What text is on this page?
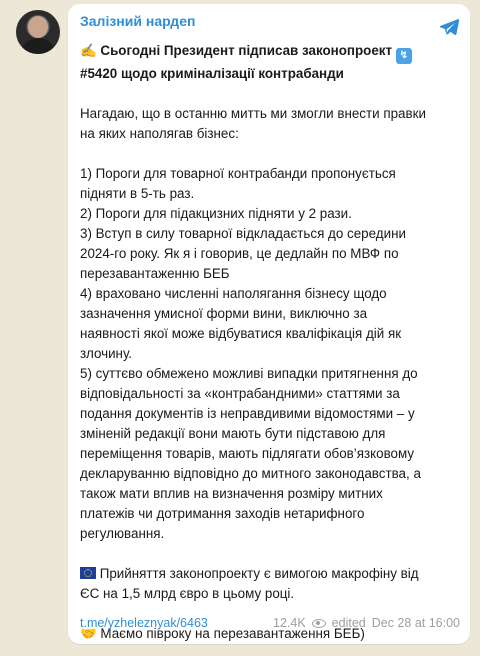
Залізний нардеп
✍ Сьогодні Президент підписав законопроект ↯
#5420 щодо криміналізації контрабанди

Нагадаю, що в останню митть ми змогли внести правки
на яких наполягав бізнес:

1) Пороги для товарної контрабанди пропонується
підняти в 5-ть раз.
2) Пороги для підакцизних підняти у 2 рази.
3) Вступ в силу товарної відкладається до середини
2024-го року. Як я і говорив, це дедлайн по МВФ по
перезавантаженню БЕБ
4) враховано численні наполягання бізнесу щодо
зазначення умисної форми вини, виключно за
наявності якої може відбуватися кваліфікація дій як
злочину.
5) суттєво обмежено можливі випадки притягнення до
відповідальності за «контрабандними» статтями за
подання документів із неправдивими відомостями – у
зміненій редакції вони мають бути підставою для
переміщення товарів, мають підлягати обов’язковому
декларуванню відповідно до митного законодавства, а
також мати вплив на визначення розміру митних
платежів чи дотримання заходів нетарифного
регулювання.

Прийняття законопроекту є вимогою макрофіну від
ЄС на 1,5 млрд євро в цьому році.

🤝 Маємо півроку на перезавантаження БЕБ)
t.me/yzheleznyak/6463	12.4K edited Dec 28 at 16:00
